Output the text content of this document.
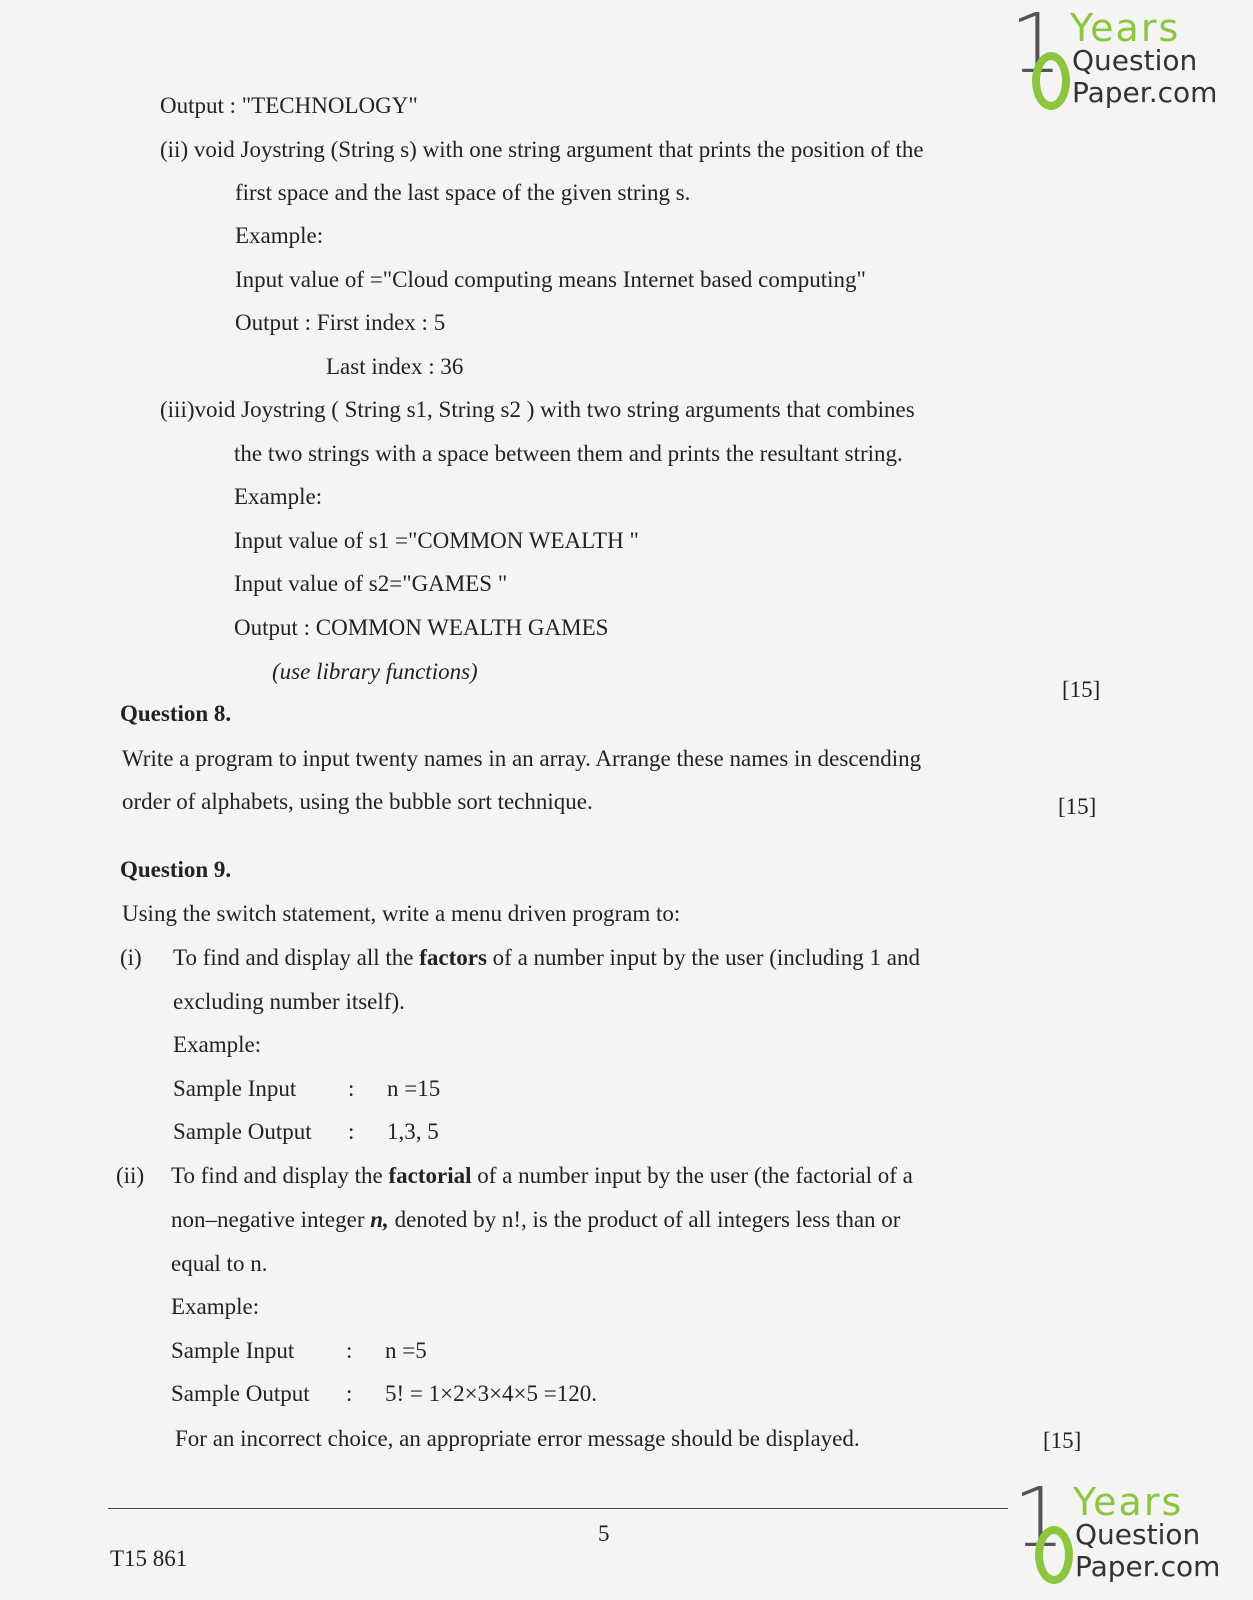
1 Years
Question
Paper.com
Output : "TECHNOLOGY"
(ii) void Joystring (String s) with one string argument that prints the position of the
first space and the last space of the given string s.
Example:
Input value of ="Cloud computing means Internet based computing"
Output : First index : 5
Last index : 36
(iii)void Joystring ( String s1, String s2 ) with two string arguments that combines
the two strings with a space between them and prints the resultant string.
Example:
Input value of s1 ="COMMON WEALTH "
Input value of s2="GAMES "
Output : COMMON WEALTH GAMES
(use library functions)
[15]
Question 8.
Write a program to input twenty names in an array. Arrange these names in descending
order of alphabets, using the bubble sort technique.	[15]
Question 9.
Using the switch statement, write a menu driven program to:
(i) To find and display all the factors of a number input by the user (including 1 and
excluding number itself).
Example:
Sample Input : n =15
Sample Output : 1,3, 5
(ii) To find and display the factorial of a number input by the user (the factorial of a
non–negative integer n, denoted by n!, is the product of all integers less than or
equal to n.
Example:
Sample Input : n =5
Sample Output : 5! = 1×2×3×4×5 =120.
For an incorrect choice, an appropriate error message should be displayed.	[15]
5
T15 861	1 Years
Question
Paper.com
